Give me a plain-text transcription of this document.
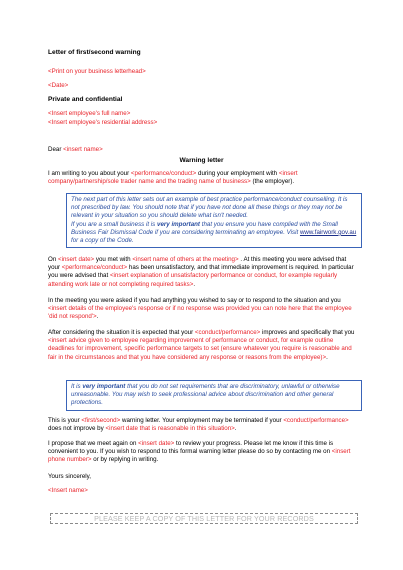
Letter of first/second warning
<Print on your business letterhead>
<Date>
Private and confidential
<Insert employee's full name>
<Insert employee's residential address>
Dear <insert name>
Warning letter
I am writing to you about your <performance/conduct> during your employment with <insert company/partnership/sole trader name and the trading name of business> (the employer).
The next part of this letter sets out an example of best practice performance/conduct counselling. It is not prescribed by law. You should note that if you have not done all these things or they may not be relevant in your situation so you should delete what isn't needed.
If you are a small business it is very important that you ensure you have complied with the Small Business Fair Dismissal Code if you are considering terminating an employee. Visit www.fairwork.gov.au for a copy of the Code.
On <insert date> you met with <insert name of others at the meeting> . At this meeting you were advised that your <performance/conduct> has been unsatisfactory, and that immediate improvement is required. In particular you were advised that <insert explanation of unsatisfactory performance or conduct, for example regularly attending work late or not completing required tasks>.
In the meeting you were asked if you had anything you wished to say or to respond to the situation and you <insert details of the employee's response or if no response was provided you can note here that the employee 'did not respond'>.
After considering the situation it is expected that your <conduct/performance> improves and specifically that you <insert advice given to employee regarding improvement of performance or conduct, for example outline deadlines for improvement, specific performance targets to set (ensure whatever you require is reasonable and fair in the circumstances and that you have considered any response or reasons from the employee)>.
It is very important that you do not set requirements that are discriminatory, unlawful or otherwise unreasonable. You may wish to seek professional advice about discrimination and other general protections.
This is your <first/second> warning letter. Your employment may be terminated if your <conduct/performance> does not improve by <insert date that is reasonable in this situation>.
I propose that we meet again on <insert date> to review your progress. Please let me know if this time is convenient to you. If you wish to respond to this formal warning letter please do so by contacting me on <insert phone number> or by replying in writing.
Yours sincerely,
<Insert name>
PLEASE KEEP A COPY OF THIS LETTER FOR YOUR RECORDS
